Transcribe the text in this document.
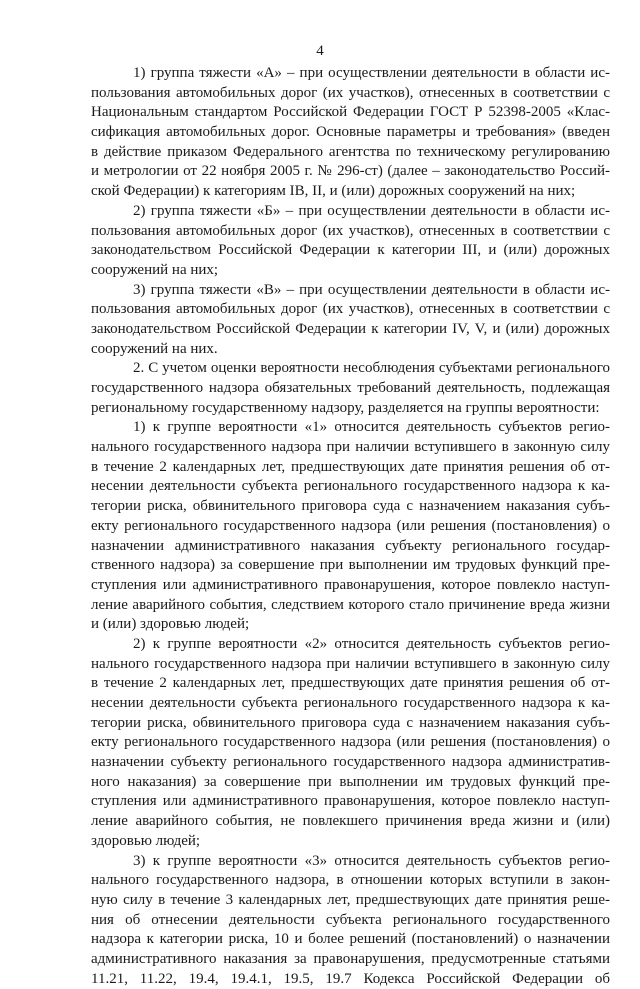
4
1) группа тяжести «А» – при осуществлении деятельности в области ис-
пользования автомобильных дорог (их участков), отнесенных в соответствии с
Национальным стандартом Российской Федерации ГОСТ Р 52398-2005 «Клас-
сификация автомобильных дорог. Основные параметры и требования» (введен
в действие приказом Федерального агентства по техническому регулированию
и метрологии от 22 ноября 2005 г. № 296-ст) (далее – законодательство Россий-
ской Федерации) к категориям IB, II, и (или) дорожных сооружений на них;
2) группа тяжести «Б» – при осуществлении деятельности в области ис-
пользования автомобильных дорог (их участков), отнесенных в соответствии с
законодательством Российской Федерации к категории III, и (или) дорожных
сооружений на них;
3) группа тяжести «В» – при осуществлении деятельности в области ис-
пользования автомобильных дорог (их участков), отнесенных в соответствии с
законодательством Российской Федерации к категории IV, V, и (или) дорожных
сооружений на них.
2. С учетом оценки вероятности несоблюдения субъектами регионального
государственного надзора обязательных требований деятельность, подлежащая
региональному государственному надзору, разделяется на группы вероятности:
1) к группе вероятности «1» относится деятельность субъектов регио-
нального государственного надзора при наличии вступившего в законную силу
в течение 2 календарных лет, предшествующих дате принятия решения об от-
несении деятельности субъекта регионального государственного надзора к ка-
тегории риска, обвинительного приговора суда с назначением наказания субъ-
екту регионального государственного надзора (или решения (постановления) о
назначении административного наказания субъекту регионального государ-
ственного надзора) за совершение при выполнении им трудовых функций пре-
ступления или административного правонарушения, которое повлекло наступ-
ление аварийного события, следствием которого стало причинение вреда жизни
и (или) здоровью людей;
2) к группе вероятности «2» относится деятельность субъектов регио-
нального государственного надзора при наличии вступившего в законную силу
в течение 2 календарных лет, предшествующих дате принятия решения об от-
несении деятельности субъекта регионального государственного надзора к ка-
тегории риска, обвинительного приговора суда с назначением наказания субъ-
екту регионального государственного надзора (или решения (постановления) о
назначении субъекту регионального государственного надзора административ-
ного наказания) за совершение при выполнении им трудовых функций пре-
ступления или административного правонарушения, которое повлекло наступ-
ление аварийного события, не повлекшего причинения вреда жизни и (или)
здоровью людей;
3) к группе вероятности «3» относится деятельность субъектов регио-
нального государственного надзора, в отношении которых вступили в закон-
ную силу в течение 3 календарных лет, предшествующих дате принятия реше-
ния об отнесении деятельности субъекта регионального государственного
надзора к категории риска, 10 и более решений (постановлений) о назначении
административного наказания за правонарушения, предусмотренные статьями
11.21, 11.22, 19.4, 19.4.1, 19.5, 19.7 Кодекса Российской Федерации об
